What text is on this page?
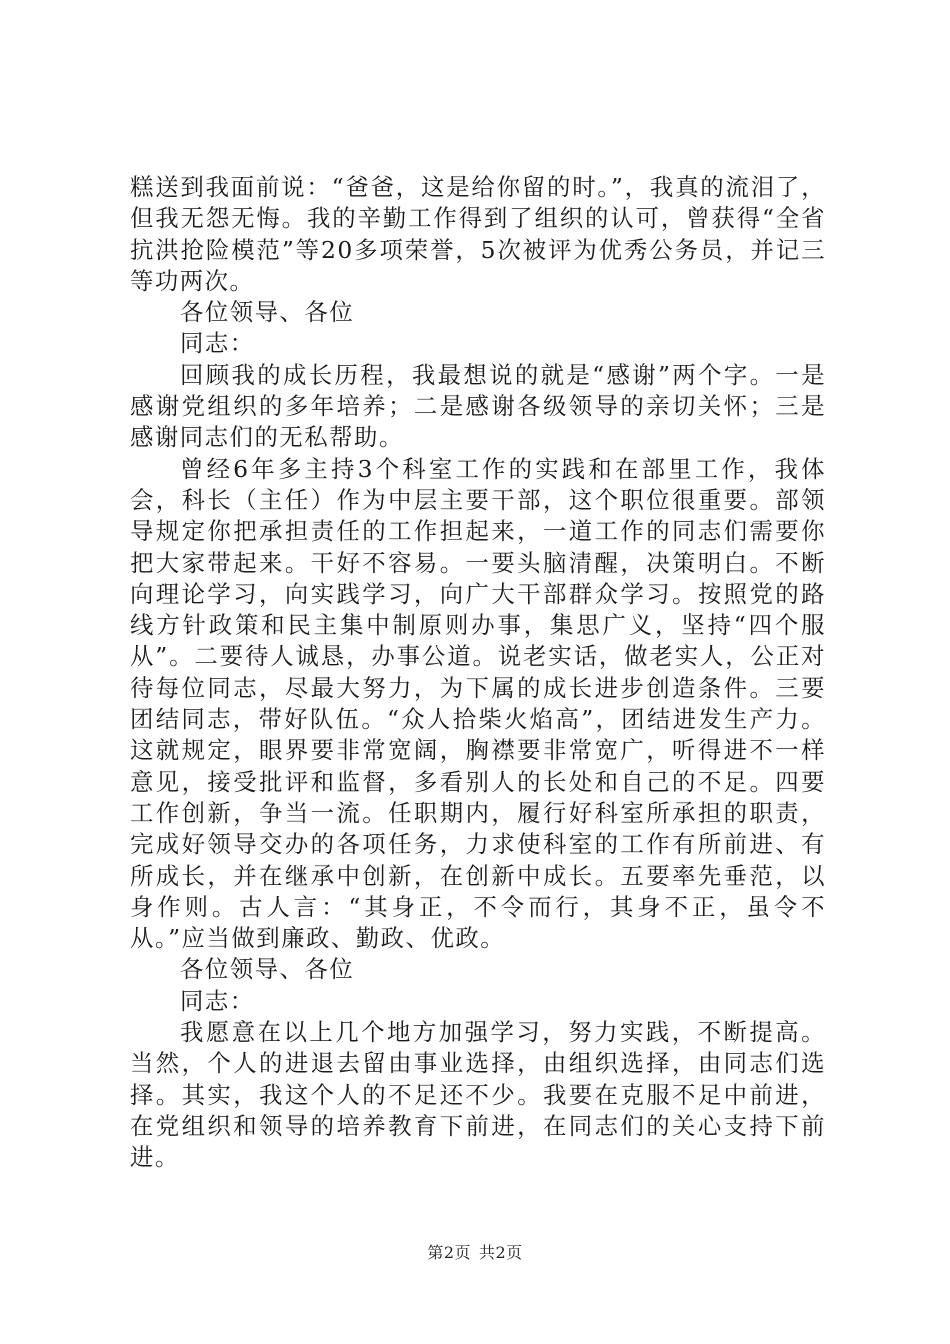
糕送到我面前说：“爸爸，这是给你留的时。”，我真的流泪了，但我无怨无悔。我的辛勤工作得到了组织的认可，曾获得“全省抗洪抢险模范”等20多项荣誉，5次被评为优秀公务员，并记三等功两次。

各位领导、各位

同志：

回顾我的成长历程，我最想说的就是“感谢”两个字。一是感谢党组织的多年培养；二是感谢各级领导的亲切关怀；三是感谢同志们的无私帮助。

曾经6年多主持3个科室工作的实践和在部里工作，我体会，科长（主任）作为中层主要干部，这个职位很重要。部领导规定你把承担责任的工作担起来，一道工作的同志们需要你把大家带起来。干好不容易。一要头脑清醒，决策明白。不断向理论学习，向实践学习，向广大干部群众学习。按照党的路线方针政策和民主集中制原则办事，集思广义，坚持“四个服从”。二要待人诚恳，办事公道。说老实话，做老实人，公正对待每位同志，尽最大努力，为下属的成长进步创造条件。三要团结同志，带好队伍。“众人拾柴火焰高”，团结进发生产力。这就规定，眼界要非常宽阔，胸襟要非常宽广，听得进不一样意见，接受批评和监督，多看别人的长处和自己的不足。四要工作创新，争当一流。任职期内，履行好科室所承担的职责，完成好领导交办的各项任务，力求使科室的工作有所前进、有所成长，并在继承中创新，在创新中成长。五要率先垂范，以身作则。古人言：“其身正，不令而行，其身不正，虽令不从。”应当做到廉政、勤政、优政。

各位领导、各位

同志：

我愿意在以上几个地方加强学习，努力实践，不断提高。当然，个人的进退去留由事业选择，由组织选择，由同志们选择。其实，我这个人的不足还不少。我要在克服不足中前进，在党组织和领导的培养教育下前进，在同志们的关心支持下前进。

第2页 共2页
